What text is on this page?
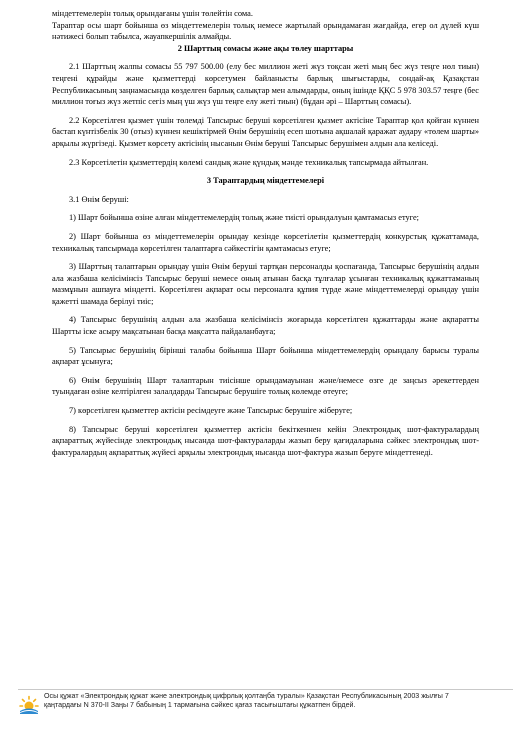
міндеттемелерін толық орындағаны үшін төлейтін сома.

Тараптар осы шарт бойынша өз міндеттемелерін толық немесе жартылай орындамаған жағдайда, егер ол дүлей күш нәтижесі болып табылса, жауапкершілік алмайды.

2 Шарттың сомасы және ақы төлеу шарттары

2.1 Шарттың жалпы сомасы 55 797 500.00 (елу бес миллион жеті жүз тоқсан жеті мың бес жүз теңге нөл тиын) теңгені құрайды және қызметтерді көрсетумен байланысты барлық шығыстарды, сондай-ақ Қазақстан Республикасының заңнамасында көзделген барлық салықтар мен алымдарды, оның ішінде ҚҚС 5 978 303.57 теңге (бес миллион тоғыз жүз жетпіс сегіз мың үш жүз үш теңге елу жеті тиын) (бұдан әрі – Шарттың сомасы).

2.2 Көрсетілген қызмет үшін төлемді Тапсырыс беруші көрсетілген қызмет актісіне Тараптар қол қойған күннен бастап күнтізбелік 30 (отыз) күннен кешіктірмей Өнім берушінің есеп шотына ақшалай қаражат аудару «төлем шарты» арқылы жүргізеді. Қызмет көрсету актісінің нысанын Өнім беруші Тапсырыс берушімен алдын ала келіседі.

2.3 Көрсетілетін қызметтердің көлемі сандық және қүндық мәнде техникалық тапсырмада айтылған.

3 Тараптардың міндеттемелері

3.1 Өнім беруші:

1) Шарт бойынша өзіне алған міндеттемелердің толық және тиісті орындалуын қамтамасыз етуге;

2) Шарт бойынша өз міндеттемелерін орындау кезінде көрсетілетін қызметтердің конкурстық құжаттамада, техникалық тапсырмада көрсетілген талаптарға сәйкестігін қамтамасыз етуге;

3) Шарттың талаптарын орындау үшін Өнім беруші тартқан персоналды қоспағанда, Тапсырыс берушінің алдын ала жазбаша келісімінсіз Тапсырыс беруші немесе оның атынан басқа тұлғалар ұсынған техникалық құжаттаманың мазмұнын ашпауға міндетті. Көрсетілген ақпарат осы персоналға құпия түрде және міндеттемелерді орындау үшін қажетті шамада берілуі тиіс;

4) Тапсырыс берушінің алдын ала жазбаша келісімінсіз жоғарыда көрсетілген құжаттарды және ақпаратты Шартты іске асыру мақсатынан басқа мақсатта пайдаланбауға;

5) Тапсырыс берушінің бірінші талабы бойынша Шарт бойынша міндеттемелердің орындалу барысы туралы ақпарат ұсынуға;

6) Өнім берушінің Шарт талаптарын тиісінше орындамауынан және/немесе өзге де заңсыз әрекеттерден туындаған өзіне келтірілген залалдарды Тапсырыс берушіге толық көлемде өтеуге;

7) көрсетілген қызметтер актісін ресімдеуге және Тапсырыс берушіге жіберуге;

8) Тапсырыс беруші көрсетілген қызметтер актісін бекіткеннен кейін Электрондық шот-фактуралардың ақпараттық жүйесінде электрондық нысанда шот-фактураларды жазып беру қағидаларына сәйкес электрондық шот-фактуралардың ақпараттық жүйесі арқылы электрондық нысанда шот-фактура жазып беруге міндеттенеді.

Осы құжат «Электрондық құжат және электрондық цифрлық қолтаңба туралы» Қазақстан Республикасының 2003 жылғы 7 қаңтардағы N 370-II Заңы 7 бабының 1 тармағына сәйкес қағаз тасығыштағы құжатпен бірдей.
